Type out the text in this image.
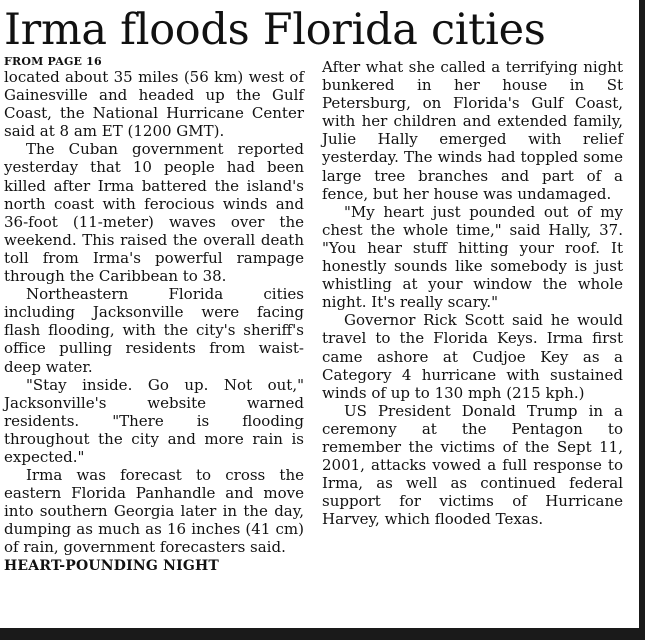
Irma floods Florida cities
FROM PAGE 16

located about 35 miles (56 km) west of Gainesville and headed up the Gulf Coast, the National Hurricane Center said at 8 am ET (1200 GMT).

The Cuban government reported yesterday that 10 people had been killed after Irma battered the island's north coast with ferocious winds and 36-foot (11-meter) waves over the weekend. This raised the overall death toll from Irma's powerful rampage through the Caribbean to 38.

Northeastern Florida cities including Jacksonville were facing flash flooding, with the city's sheriff's office pulling residents from waist-deep water.

"Stay inside. Go up. Not out," Jacksonville's website warned residents. "There is flooding throughout the city and more rain is expected."

Irma was forecast to cross the eastern Florida Panhandle and move into southern Georgia later in the day, dumping as much as 16 inches (41 cm) of rain, government forecasters said.

HEART-POUNDING NIGHT

After what she called a terrifying night bunkered in her house in St Petersburg, on Florida's Gulf Coast, with her children and extended family, Julie Hally emerged with relief yesterday. The winds had toppled some large tree branches and part of a fence, but her house was undamaged.

"My heart just pounded out of my chest the whole time," said Hally, 37. "You hear stuff hitting your roof. It honestly sounds like somebody is just whistling at your window the whole night. It's really scary."

Governor Rick Scott said he would travel to the Florida Keys. Irma first came ashore at Cudjoe Key as a Category 4 hurricane with sustained winds of up to 130 mph (215 kph.)

US President Donald Trump in a ceremony at the Pentagon to remember the victims of the Sept 11, 2001, attacks vowed a full response to Irma, as well as continued federal support for victims of Hurricane Harvey, which flooded Texas.
